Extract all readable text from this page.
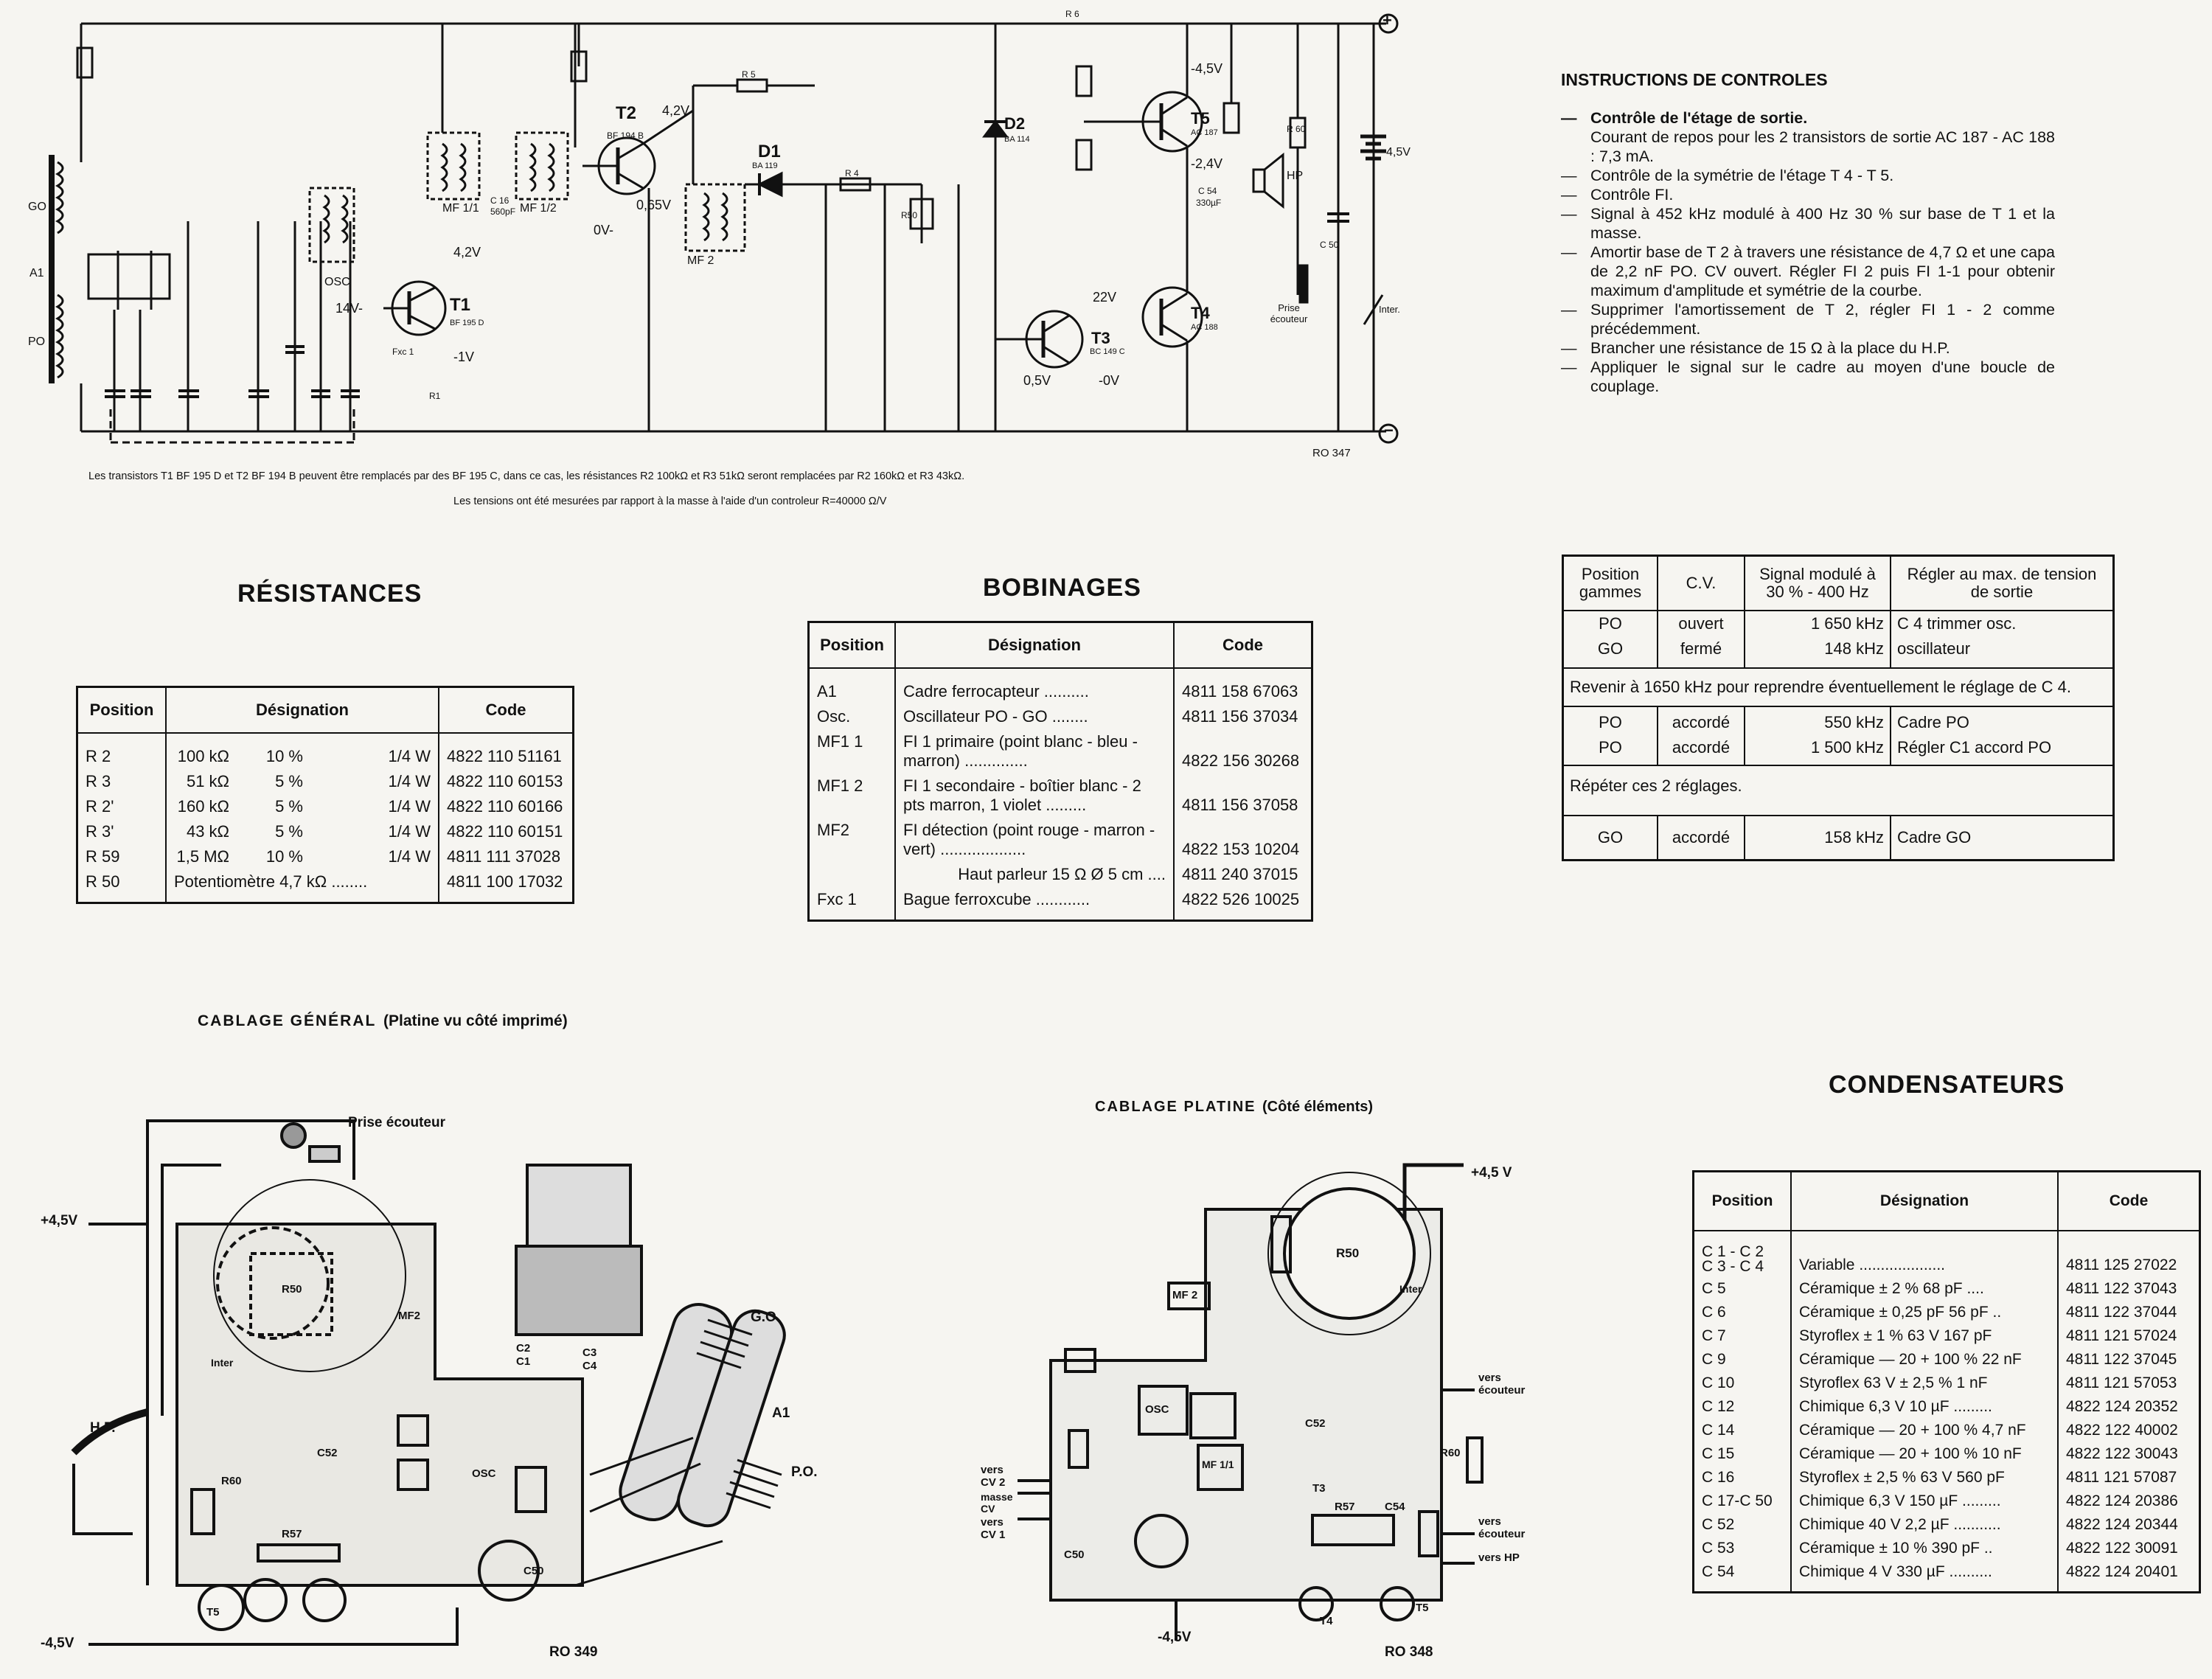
T2
BF 194 B
4,2V
0,65V
0V-
D1
BA 119
D2
BA 114
T5
AC 187
-4,5V
-2,4V
T4
AC 188
T3
BC 149 C
22V
0,5V	-0V
T1
BF 195 D
4,2V
14V-
-1V
OSC
MF 1/1	MF 1/2
MF 2
GO
PO
A1
HP
Prise écouteur
Inter.
4,5V
Fxc 1
R 5
R 4
R 6
C 54
330µF
C 50
C 16
560pF
R1
R50
R 60
+
−
RO 347
Les transistors T1 BF 195 D et T2 BF 194 B peuvent être remplacés par des BF 195 C, dans ce cas, les résistances R2 100kΩ et R3 51kΩ seront remplacées par R2 160kΩ et R3 43kΩ.
Les tensions ont été mesurées par rapport à la masse à l'aide d'un controleur R=40000 Ω/V
INSTRUCTIONS DE CONTROLES
— Contrôle de l'étage de sortie.
Courant de repos pour les 2 transistors de sortie AC 187 - AC 188 : 7,3 mA.
— Contrôle de la symétrie de l'étage T 4 - T 5.
— Contrôle FI.
— Signal à 452 kHz modulé à 400 Hz 30 % sur base de T 1 et la masse.
— Amortir base de T 2 à travers une résistance de 4,7 Ω et une capa de 2,2 nF PO. CV ouvert. Régler FI 2 puis FI 1-1 pour obtenir maximum d'amplitude et symétrie de la courbe.
— Supprimer l'amortissement de T 2, régler FI 1 - 2 comme précédemment.
— Brancher une résistance de 15 Ω à la place du H.P.
— Appliquer le signal sur le cadre au moyen d'une boucle de couplage.
Position gammes	C.V.	Signal modulé à 30 % - 400 Hz	Régler au max. de tension de sortie
PO	ouvert	1 650 kHz	C 4 trimmer osc.
GO	fermé	148 kHz	oscillateur
Revenir à 1650 kHz pour reprendre éventuellement le réglage de C 4.			
PO	accordé	550 kHz	Cadre PO
PO	accordé	1 500 kHz	Régler C1 accord PO
Répéter ces 2 réglages.			
GO	accordé	158 kHz	Cadre GO
RÉSISTANCES
Position	Désignation			Code
R 2	100 kΩ	10 %	1/4 W	4822 110 51161
R 3	51 kΩ	5 %	1/4 W	4822 110 60153
R 2'	160 kΩ	5 %	1/4 W	4822 110 60166
R 3'	43 kΩ	5 %	1/4 W	4822 110 60151
R 59	1,5 MΩ	10 %	1/4 W	4811 111 37028
R 50	Potentiomètre 4,7 kΩ ........			4811 100 17032
BOBINAGES
Position	Désignation	Code
A1	Cadre ferrocapteur ..........	4811 158 67063
Osc.	Oscillateur PO - GO ........	4811 156 37034
MF1 1	FI 1 primaire (point blanc - bleu - marron) ..............	4822 156 30268
MF1 2	FI 1 secondaire - boîtier blanc - 2 pts marron, 1 violet .........	4811 156 37058
MF2	FI détection (point rouge - marron - vert) ...................	4822 153 10204
	Haut parleur 15 Ω Ø 5 cm ....	4811 240 37015
Fxc 1	Bague ferroxcube ............	4822 526 10025
CONDENSATEURS
Position	Désignation	Code
C 1 - C 2
C 3 - C 4	Variable ....................	4811 125 27022
C 5	Céramique ± 2 % 68 pF ....	4811 122 37043
C 6	Céramique ± 0,25 pF 56 pF ..	4811 122 37044
C 7	Styroflex ± 1 % 63 V 167 pF	4811 121 57024
C 9	Céramique — 20 + 100 % 22 nF	4811 122 37045
C 10	Styroflex 63 V ± 2,5 % 1 nF	4811 121 57053
C 12	Chimique 6,3 V 10 µF .........	4822 124 20352
C 14	Céramique — 20 + 100 % 4,7 nF	4822 122 40002
C 15	Céramique — 20 + 100 % 10 nF	4822 122 30043
C 16	Styroflex ± 2,5 % 63 V 560 pF	4811 121 57087
C 17-C 50	Chimique 6,3 V 150 µF .........	4822 124 20386
C 52	Chimique 40 V 2,2 µF ...........	4822 124 20344
C 53	Céramique ± 10 % 390 pF ..	4822 122 30091
C 54	Chimique 4 V 330 µF ..........	4822 124 20401
CABLAGE GÉNÉRAL (Platine vu côté imprimé)
+4,5V
-4,5V
Prise écouteur
H.P.
G.O.
A1
P.O.
R50
Inter
C2
C1
C3
C4
R60
R57
C50
C52
OSC
MF2
T5
RO 349
CABLAGE PLATINE (Côté éléments)
+4,5 V
-4,5V
R50
Inter
vers écouteur
vers écouteur
vers HP
vers CV 2
masse CV
vers CV 1
OSC
MF 2
MF 1/1
C50
R60
R57	C54
C52
T3
T4
T5
RO 348
